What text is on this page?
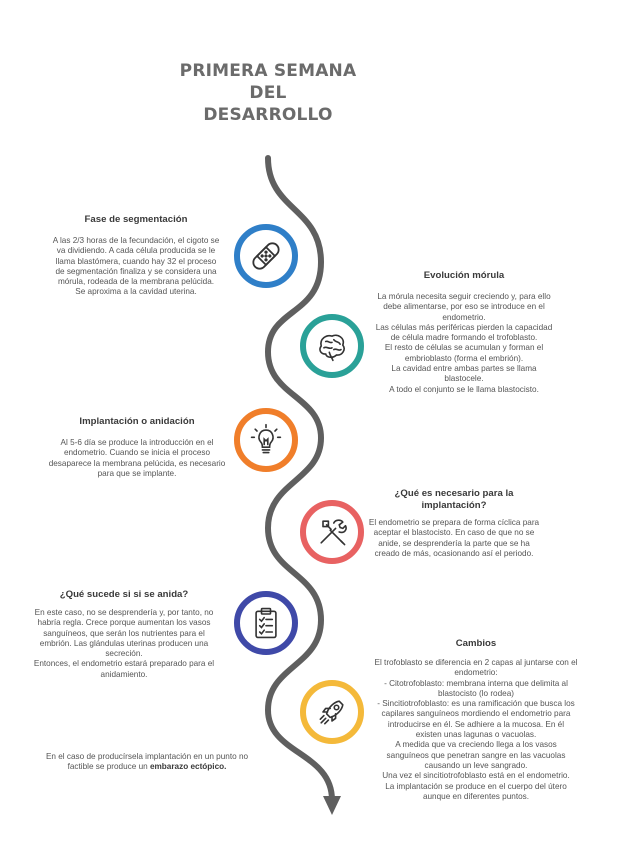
PRIMERA SEMANA
DEL
DESARROLLO
Fase de segmentación

A las 2/3 horas de la fecundación, el cigoto se va dividiendo. A cada célula producida se le llama blastómera, cuando hay 32 el proceso de segmentación finaliza y se considera una mórula, rodeada de la membrana pelúcida. Se aproxima a la cavidad uterina.

Evolución mórula

La mórula necesita seguir creciendo y, para ello debe alimentarse, por eso se introduce en el endometrio.

Las células más periféricas pierden la capacidad de célula madre formando el trofoblasto.

El resto de células se acumulan y forman el embrioblasto (forma el embrión).

La cavidad entre ambas partes se llama blastocele.

A todo el conjunto se le llama blastocisto.

Implantación o anidación

Al 5-6 día se produce la introducción en el endometrio. Cuando se inicia el proceso desaparece la membrana pelúcida, es necesario para que se implante.

¿Qué es necesario para la implantación?

El endometrio se prepara de forma cíclica para aceptar el blastocisto. En caso de que no se anide, se desprendería la parte que se ha creado de más, ocasionando así el periodo.

¿Qué sucede si si se anida?

En este caso, no se desprendería y, por tanto, no habría regla. Crece porque aumentan los vasos sanguíneos, que serán los nutrientes para el embrión. Las glándulas uterinas producen una secreción.

Entonces, el endometrio estará preparado para el anidamiento.

Cambios

El trofoblasto se diferencia en 2 capas al juntarse con el endometrio:

- Citotrofoblasto: membrana interna que delimita al blastocisto (lo rodea)

- Sincitiotrofoblasto: es una ramificación que busca los capilares sanguíneos mordiendo el endometrio para introducirse en él. Se adhiere a la mucosa. En él existen unas lagunas o vacuolas.

A medida que va creciendo llega a los vasos sanguíneos que penetran sangre en las vacuolas causando un leve sangrado.

Una vez el sincitiotrofoblasto está en el endometrio.

La implantación se produce en el cuerpo del útero aunque en diferentes puntos.

En el caso de producírsela implantación en un punto no factible se produce un embarazo ectópico.
